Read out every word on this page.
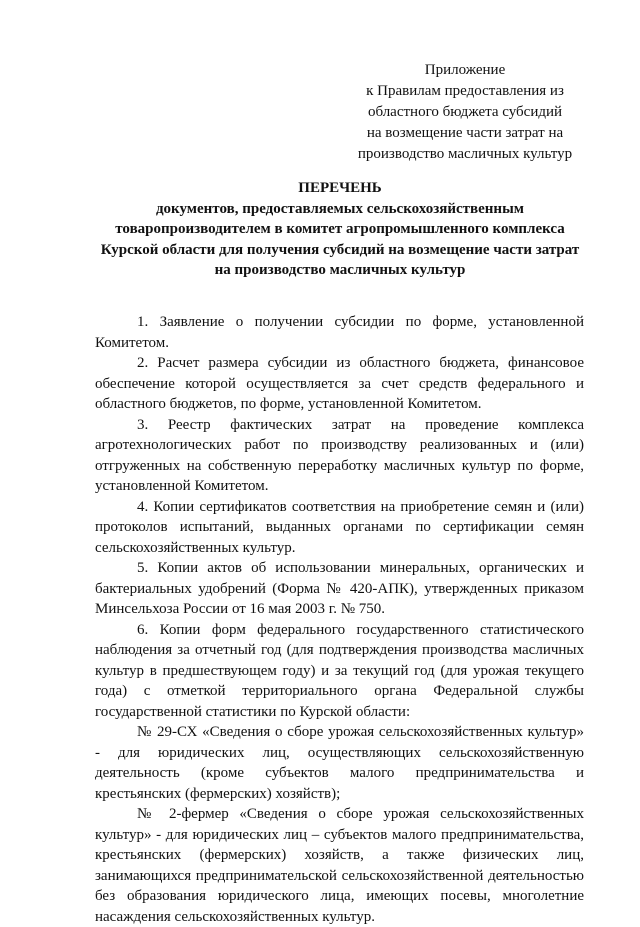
Приложение
к Правилам предоставления из
областного бюджета субсидий
на возмещение части затрат на
производство масличных культур
ПЕРЕЧЕНЬ
документов, предоставляемых сельскохозяйственным
товаропроизводителем в комитет агропромышленного комплекса
Курской области для получения субсидий на возмещение части затрат
на производство масличных культур

1. Заявление о получении субсидии по форме, установленной Комитетом.

2. Расчет размера субсидии из областного бюджета, финансовое обеспечение которой осуществляется за счет средств федерального и областного бюджетов, по форме, установленной Комитетом.

3. Реестр фактических затрат на проведение комплекса агротехнологических работ по производству реализованных и (или) отгруженных на собственную переработку масличных культур по форме, установленной Комитетом.

4. Копии сертификатов соответствия на приобретение семян и (или) протоколов испытаний, выданных органами по сертификации семян сельскохозяйственных культур.

5. Копии актов об использовании минеральных, органических и бактериальных удобрений (Форма № 420-АПК), утвержденных приказом Минсельхоза России от 16 мая 2003 г. № 750.

6. Копии форм федерального государственного статистического наблюдения за отчетный год (для подтверждения производства масличных культур в предшествующем году) и за текущий год (для урожая текущего года) с отметкой территориального органа Федеральной службы государственной статистики по Курской области:

№ 29-СХ «Сведения о сборе урожая сельскохозяйственных культур» - для юридических лиц, осуществляющих сельскохозяйственную деятельность (кроме субъектов малого предпринимательства и крестьянских (фермерских) хозяйств);

№ 2-фермер «Сведения о сборе урожая сельскохозяйственных культур» - для юридических лиц – субъектов малого предпринимательства, крестьянских (фермерских) хозяйств, а также физических лиц, занимающихся предпринимательской сельскохозяйственной деятельностью без образования юридического лица, имеющих посевы, многолетние насаждения сельскохозяйственных культур.
